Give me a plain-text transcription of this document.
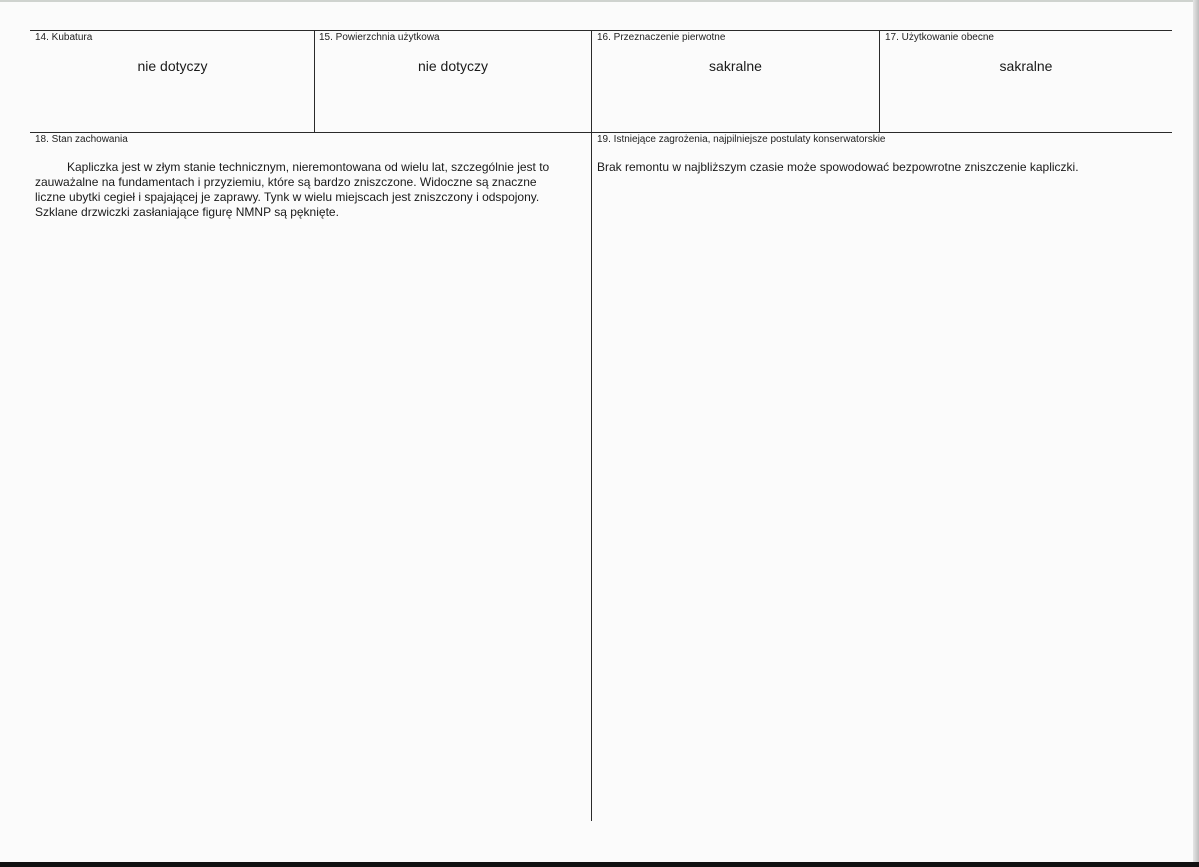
14. Kubatura
nie dotyczy
15. Powierzchnia użytkowa
nie dotyczy
16. Przeznaczenie pierwotne
sakralne
17. Użytkowanie obecne
sakralne
18. Stan zachowania
Kapliczka jest w złym stanie technicznym, nieremontowana od wielu lat, szczególnie jest to
zauważalne na fundamentach i przyziemiu, które są bardzo zniszczone. Widoczne są znaczne
liczne ubytki cegieł i spajającej je zaprawy. Tynk w wielu miejscach jest zniszczony i odspojony.
Szklane drzwiczki zasłaniające figurę NMNP są pęknięte.
19. Istniejące zagrożenia, najpilniejsze postulaty konserwatorskie
Brak remontu w najbliższym czasie może spowodować bezpowrotne zniszczenie kapliczki.
